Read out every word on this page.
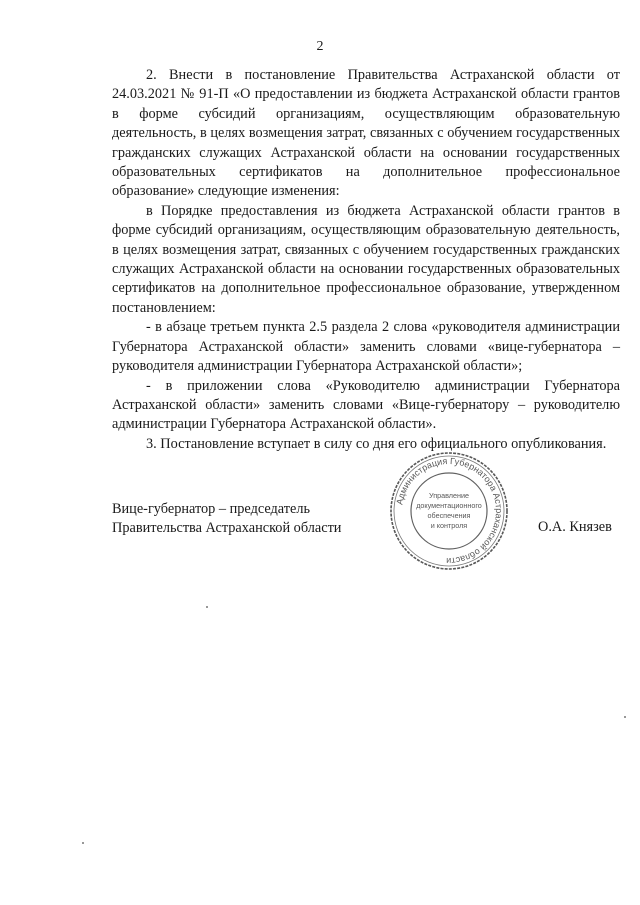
2

2. Внести в постановление Правительства Астраханской области от 24.03.2021 № 91-П «О предоставлении из бюджета Астраханской области грантов в форме субсидий организациям, осуществляющим образовательную деятельность, в целях возмещения затрат, связанных с обучением государственных гражданских служащих Астраханской области на основании государственных образовательных сертификатов на дополнительное профессиональное образование» следующие изменения:

в Порядке предоставления из бюджета Астраханской области грантов в форме субсидий организациям, осуществляющим образовательную деятельность, в целях возмещения затрат, связанных с обучением государственных гражданских служащих Астраханской области на основании государственных образовательных сертификатов на дополнительное профессиональное образование, утвержденном постановлением:

- в абзаце третьем пункта 2.5 раздела 2 слова «руководителя администрации Губернатора Астраханской области» заменить словами «вице-губернатора – руководителя администрации Губернатора Астраханской области»;

- в приложении слова «Руководителю администрации Губернатора Астраханской области» заменить словами «Вице-губернатору – руководителю администрации Губернатора Астраханской области».

3. Постановление вступает в силу со дня его официального опубликования.

Вице-губернатор – председатель
Правительства Астраханской области
Администрация Губернатора Астраханской области
Управление
документационного
обеспечения
и контроля	О.А. Князев
